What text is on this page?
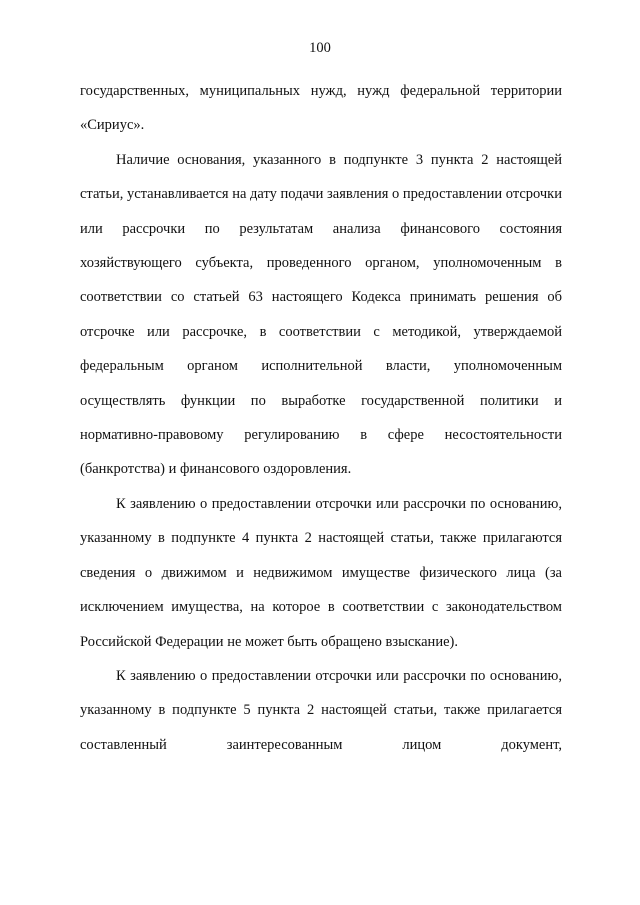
100

государственных, муниципальных нужд, нужд федеральной территории «Сириус».

Наличие основания, указанного в подпункте 3 пункта 2 настоящей статьи, устанавливается на дату подачи заявления о предоставлении отсрочки или рассрочки по результатам анализа финансового состояния хозяйствующего субъекта, проведенного органом, уполномоченным в соответствии со статьей 63 настоящего Кодекса принимать решения об отсрочке или рассрочке, в соответствии с методикой, утверждаемой федеральным органом исполнительной власти, уполномоченным осуществлять функции по выработке государственной политики и нормативно-правовому регулированию в сфере несостоятельности (банкротства) и финансового оздоровления.

К заявлению о предоставлении отсрочки или рассрочки по основанию, указанному в подпункте 4 пункта 2 настоящей статьи, также прилагаются сведения о движимом и недвижимом имуществе физического лица (за исключением имущества, на которое в соответствии с законодательством Российской Федерации не может быть обращено взыскание).

К заявлению о предоставлении отсрочки или рассрочки по основанию, указанному в подпункте 5 пункта 2 настоящей статьи, также прилагается составленный заинтересованным лицом документ,
